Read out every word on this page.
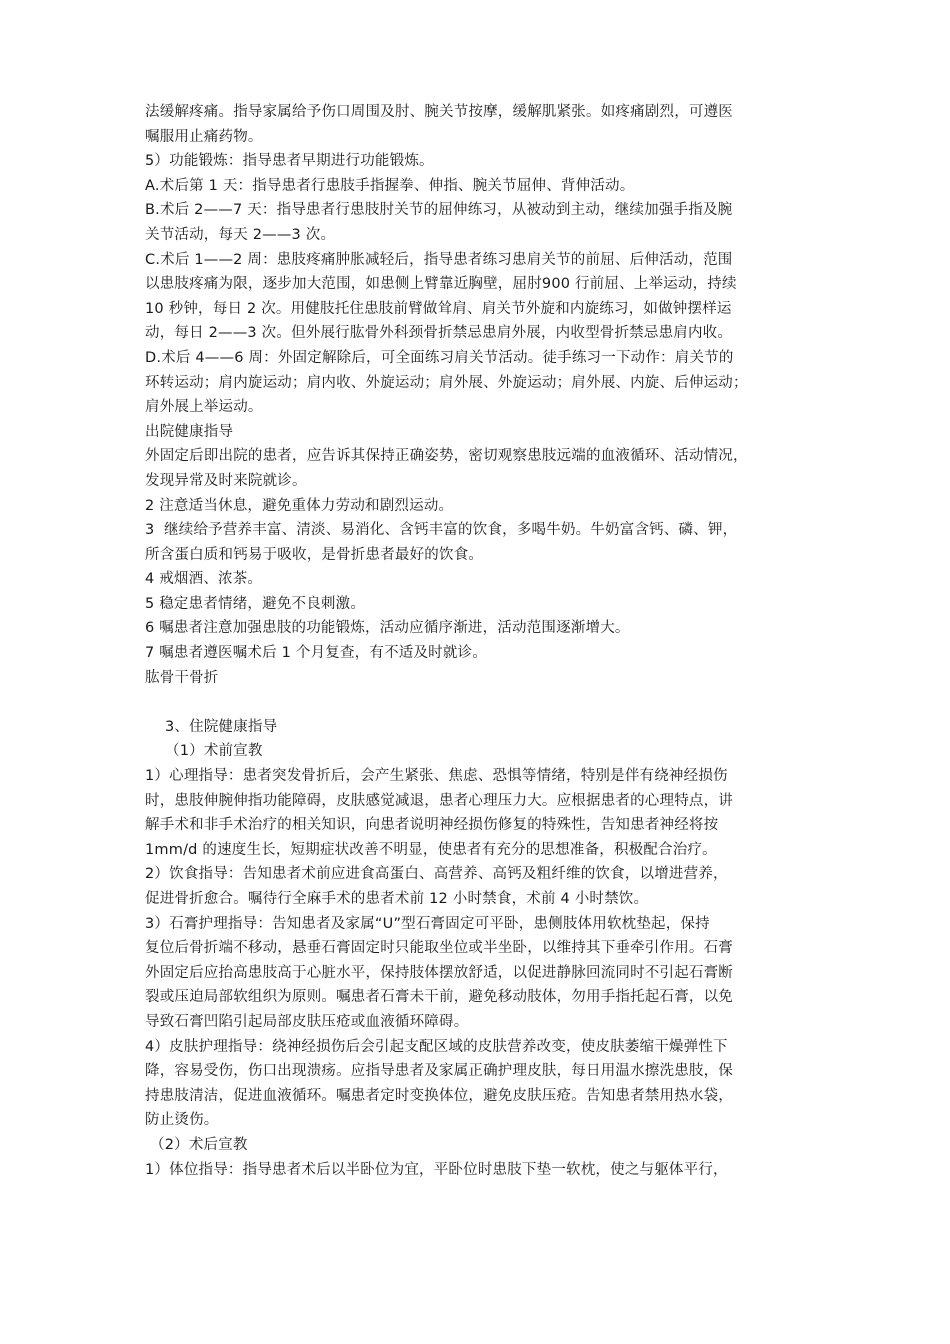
法缓解疼痛。指导家属给予伤口周围及肘、腕关节按摩，缓解肌紧张。如疼痛剧烈，可遵医

嘱服用止痛药物。

5）功能锻炼：指导患者早期进行功能锻炼。

A.术后第 1 天：指导患者行患肢手指握拳、伸指、腕关节屈伸、背伸活动。

B.术后 2——7 天：指导患者行患肢肘关节的屈伸练习，从被动到主动，继续加强手指及腕

关节活动，每天 2——3 次。

C.术后 1——2 周：患肢疼痛肿胀减轻后，指导患者练习患肩关节的前屈、后伸活动，范围

以患肢疼痛为限，逐步加大范围，如患侧上臂靠近胸壁，屈肘900 行前屈、上举运动，持续

10 秒钟，每日 2 次。用健肢托住患肢前臂做耸肩、肩关节外旋和内旋练习，如做钟摆样运

动，每日 2——3 次。但外展行肱骨外科颈骨折禁忌患肩外展，内收型骨折禁忌患肩内收。

D.术后 4——6 周：外固定解除后，可全面练习肩关节活动。徒手练习一下动作：肩关节的

环转运动；肩内旋运动；肩内收、外旋运动；肩外展、外旋运动；肩外展、内旋、后伸运动；

肩外展上举运动。

出院健康指导

外固定后即出院的患者，应告诉其保持正确姿势，密切观察患肢远端的血液循环、活动情况，

发现异常及时来院就诊。

2 注意适当休息，避免重体力劳动和剧烈运动。

3  继续给予营养丰富、清淡、易消化、含钙丰富的饮食，多喝牛奶。牛奶富含钙、磷、钾，

所含蛋白质和钙易于吸收，是骨折患者最好的饮食。

4 戒烟酒、浓茶。

5 稳定患者情绪，避免不良刺激。

6 嘱患者注意加强患肢的功能锻炼，活动应循序渐进，活动范围逐渐增大。

7 嘱患者遵医嘱术后 1 个月复查，有不适及时就诊。

肱骨干骨折

3、住院健康指导

（1）术前宣教

1）心理指导：患者突发骨折后，会产生紧张、焦虑、恐惧等情绪，特别是伴有绕神经损伤

时，患肢伸腕伸指功能障碍，皮肤感觉减退，患者心理压力大。应根据患者的心理特点，讲

解手术和非手术治疗的相关知识，向患者说明神经损伤修复的特殊性，告知患者神经将按

1mm/d 的速度生长，短期症状改善不明显，使患者有充分的思想准备，积极配合治疗。

2）饮食指导：告知患者术前应进食高蛋白、高营养、高钙及粗纤维的饮食，以增进营养，

促进骨折愈合。嘱待行全麻手术的患者术前 12 小时禁食，术前 4 小时禁饮。

3）石膏护理指导：告知患者及家属“U”型石膏固定可平卧，患侧肢体用软枕垫起，保持

复位后骨折端不移动，悬垂石膏固定时只能取坐位或半坐卧，以维持其下垂牵引作用。石膏

外固定后应抬高患肢高于心脏水平，保持肢体摆放舒适，以促进静脉回流同时不引起石膏断

裂或压迫局部软组织为原则。嘱患者石膏未干前，避免移动肢体，勿用手指托起石膏，以免

导致石膏凹陷引起局部皮肤压疮或血液循环障碍。

4）皮肤护理指导：绕神经损伤后会引起支配区域的皮肤营养改变，使皮肤萎缩干燥弹性下

降，容易受伤，伤口出现溃疡。应指导患者及家属正确护理皮肤，每日用温水擦洗患肢，保

持患肢清洁，促进血液循环。嘱患者定时变换体位，避免皮肤压疮。告知患者禁用热水袋，

防止烫伤。

（2）术后宣教

1）体位指导：指导患者术后以半卧位为宜，平卧位时患肢下垫一软枕，使之与躯体平行，
